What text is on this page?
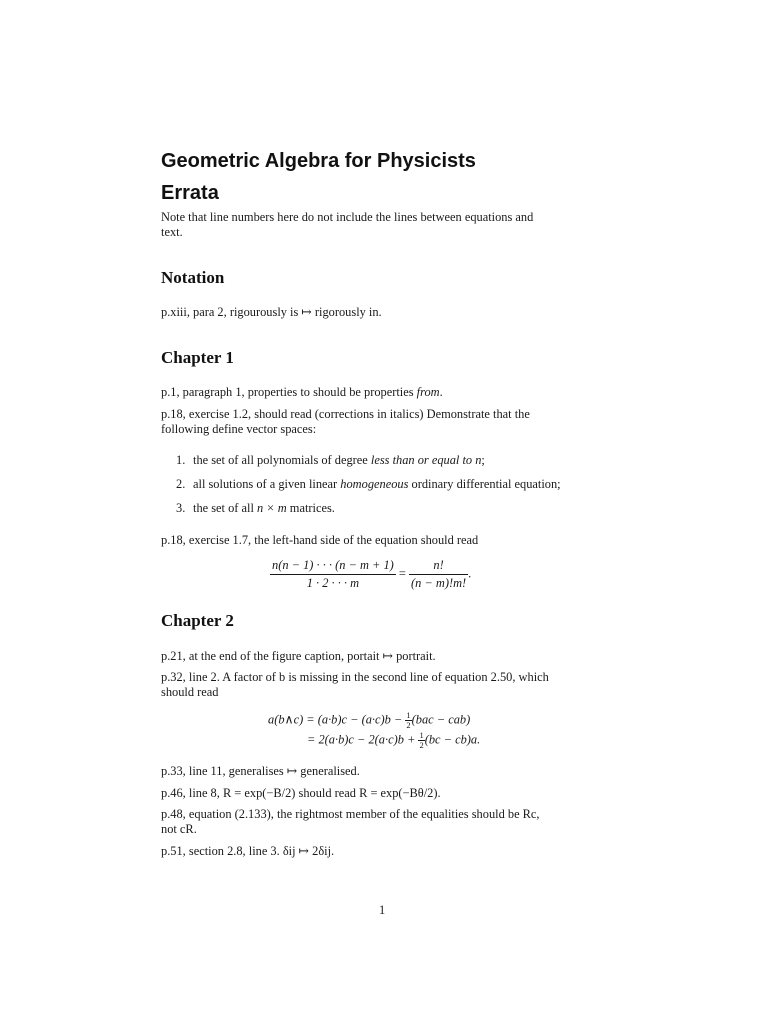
Geometric Algebra for Physicists
Errata
Note that line numbers here do not include the lines between equations and
text.
Notation
p.xiii, para 2, rigourously is ↦ rigorously in.
Chapter 1
p.1, paragraph 1, properties to should be properties from.
p.18, exercise 1.2, should read (corrections in italics) Demonstrate that the
following define vector spaces:
1. the set of all polynomials of degree less than or equal to n;
2. all solutions of a given linear homogeneous ordinary differential equation;
3. the set of all n × m matrices.
p.18, exercise 1.7, the left-hand side of the equation should read
$\frac{n(n - 1) \cdot \cdot \cdot (n - m + 1)}{1 \cdot 2 \cdot \cdot \cdot m} = \frac{n!}{(n - m)!m!}$ .
Chapter 2
p.21, at the end of the figure caption, portait ↦ portrait.
p.32, line 2. A factor of b is missing in the second line of equation 2.50, which
should read
a(b∧c) = $(a\cdot b)c - (a\cdot c)b - \frac{1}{2} (bac - cab)$
= $2(a\cdot b)c - 2(a\cdot c)b + \frac{1}{2} (bc - cb)a$.
p.33, line 11, generalises ↦ generalised.
p.46, line 8, R = exp(−B/2) should read R = exp(−Bθ/2).
p.48, equation (2.133), the rightmost member of the equalities should be Rc,
not cR.
p.51, section 2.8, line 3. δij ↦ 2δij.
1
